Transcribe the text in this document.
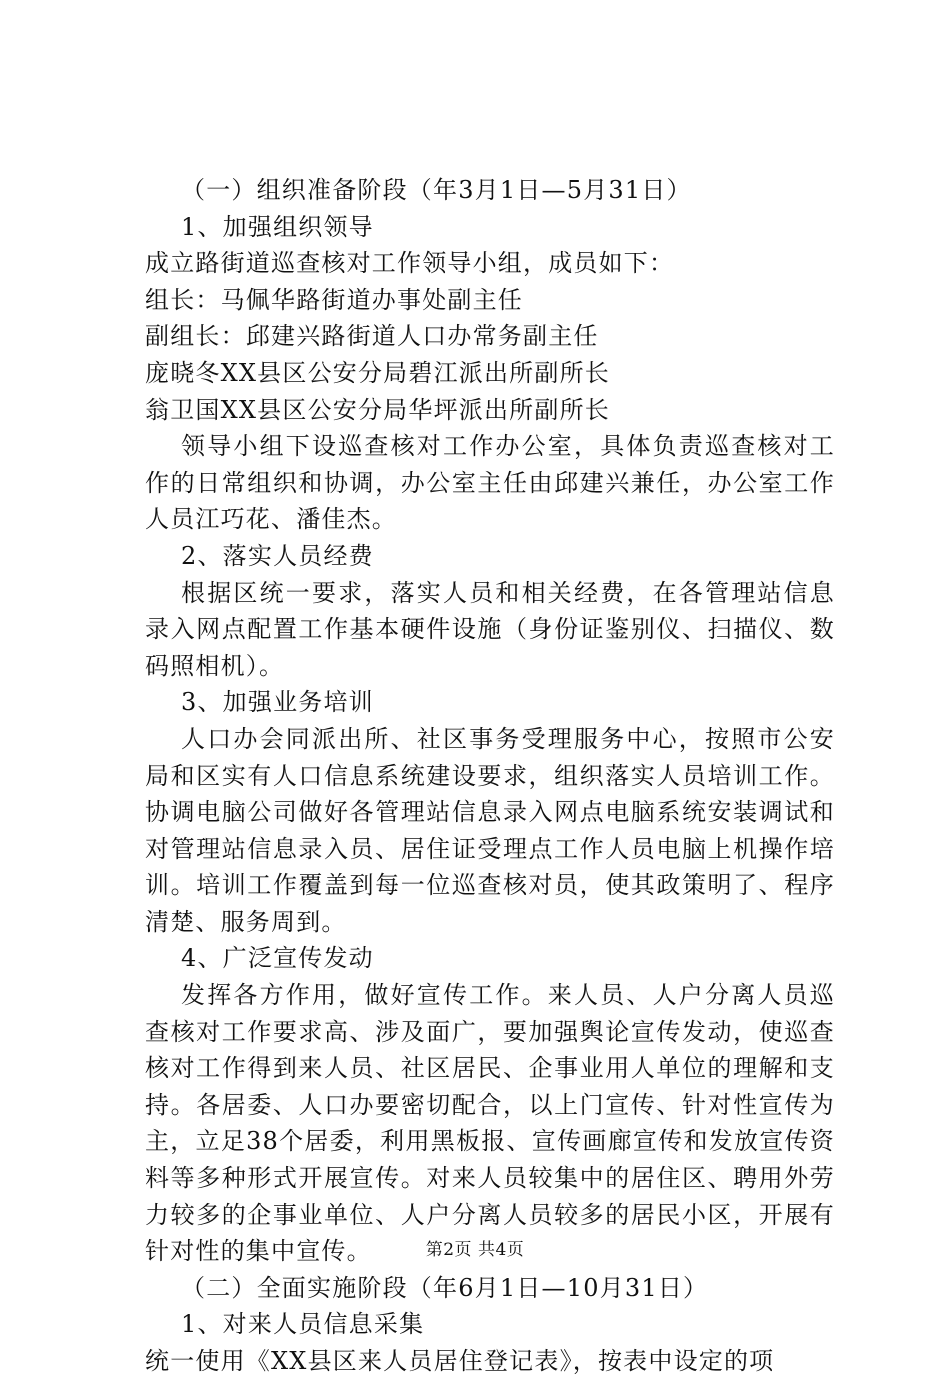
（一）组织准备阶段（年3月1日—5月31日）

1、加强组织领导

成立路街道巡查核对工作领导小组，成员如下：

组长：马佩华路街道办事处副主任

副组长：邱建兴路街道人口办常务副主任

庞晓冬XX县区公安分局碧江派出所副所长

翁卫国XX县区公安分局华坪派出所副所长

领导小组下设巡查核对工作办公室，具体负责巡查核对工作的日常组织和协调，办公室主任由邱建兴兼任，办公室工作人员江巧花、潘佳杰。

2、落实人员经费

根据区统一要求，落实人员和相关经费，在各管理站信息录入网点配置工作基本硬件设施（身份证鉴别仪、扫描仪、数码照相机）。

3、加强业务培训

人口办会同派出所、社区事务受理服务中心，按照市公安局和区实有人口信息系统建设要求，组织落实人员培训工作。协调电脑公司做好各管理站信息录入网点电脑系统安装调试和对管理站信息录入员、居住证受理点工作人员电脑上机操作培训。培训工作覆盖到每一位巡查核对员，使其政策明了、程序清楚、服务周到。

4、广泛宣传发动

发挥各方作用，做好宣传工作。来人员、人户分离人员巡查核对工作要求高、涉及面广，要加强舆论宣传发动，使巡查核对工作得到来人员、社区居民、企事业用人单位的理解和支持。各居委、人口办要密切配合，以上门宣传、针对性宣传为主，立足38个居委，利用黑板报、宣传画廊宣传和发放宣传资料等多种形式开展宣传。对来人员较集中的居住区、聘用外劳力较多的企事业单位、人户分离人员较多的居民小区，开展有针对性的集中宣传。

（二）全面实施阶段（年6月1日—10月31日）

1、对来人员信息采集

统一使用《XX县区来人员居住登记表》，按表中设定的项

第2页 共4页
